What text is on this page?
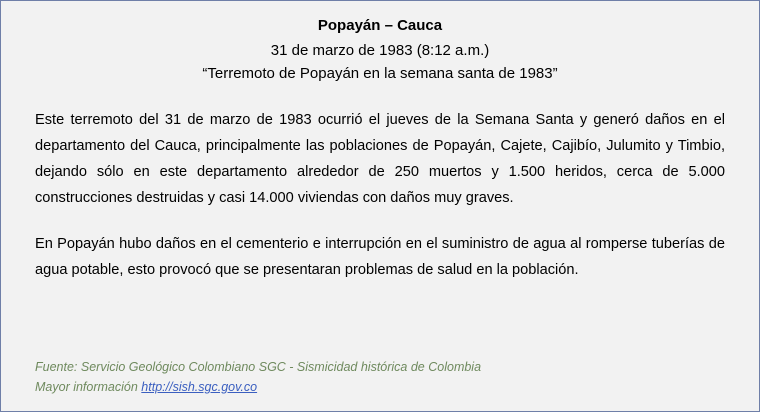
Popayán – Cauca
31 de marzo de 1983 (8:12 a.m.)
“Terremoto de Popayán en la semana santa de 1983”

Este terremoto del 31 de marzo de 1983 ocurrió el jueves de la Semana Santa y generó daños en el departamento del Cauca, principalmente las poblaciones de Popayán, Cajete, Cajibío, Julumito y Timbio, dejando sólo en este departamento alrededor de 250 muertos y 1.500 heridos, cerca de 5.000 construcciones destruidas y casi 14.000 viviendas con daños muy graves.

En Popayán hubo daños en el cementerio e interrupción en el suministro de agua al romperse tuberías de agua potable, esto provocó que se presentaran problemas de salud en la población.

Fuente: Servicio Geológico Colombiano SGC - Sismicidad histórica de Colombia
Mayor información http://sish.sgc.gov.co
